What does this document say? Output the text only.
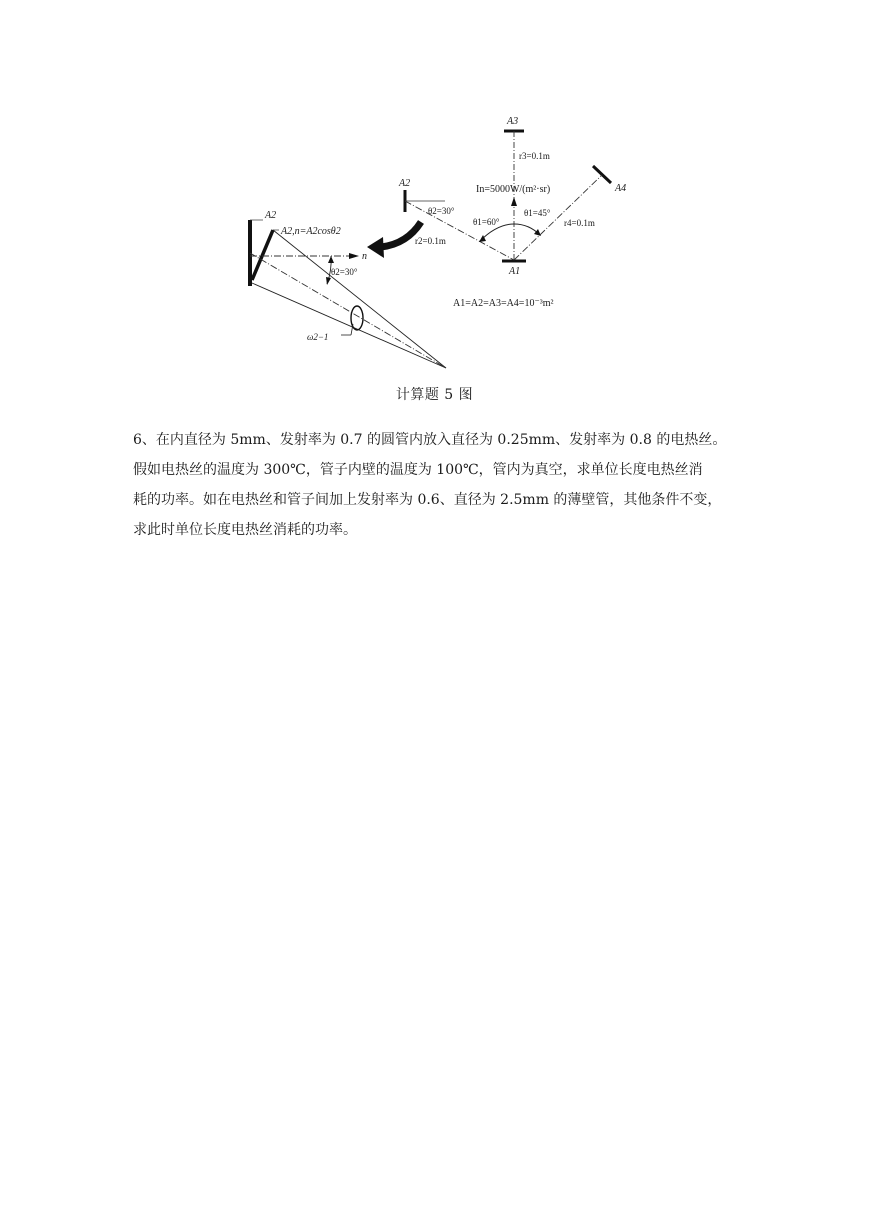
A3
r3=0.1m
In=5000W/(m²·sr)
A1
A4
r4=0.1m
A2
θ2=30°
r2=0.1m
θ1=60°
θ1=45°
A1=A2=A3=A4=10⁻³m²
A2
A2,n=A2cosθ2
n
θ2=30°
ω2−1
计算题 5 图
6、在内直径为 5mm、发射率为 0.7 的圆管内放入直径为 0.25mm、发射率为 0.8 的电热丝。
假如电热丝的温度为 300℃，管子内壁的温度为 100℃，管内为真空，求单位长度电热丝消
耗的功率。如在电热丝和管子间加上发射率为 0.6、直径为 2.5mm 的薄壁管，其他条件不变，
求此时单位长度电热丝消耗的功率。
